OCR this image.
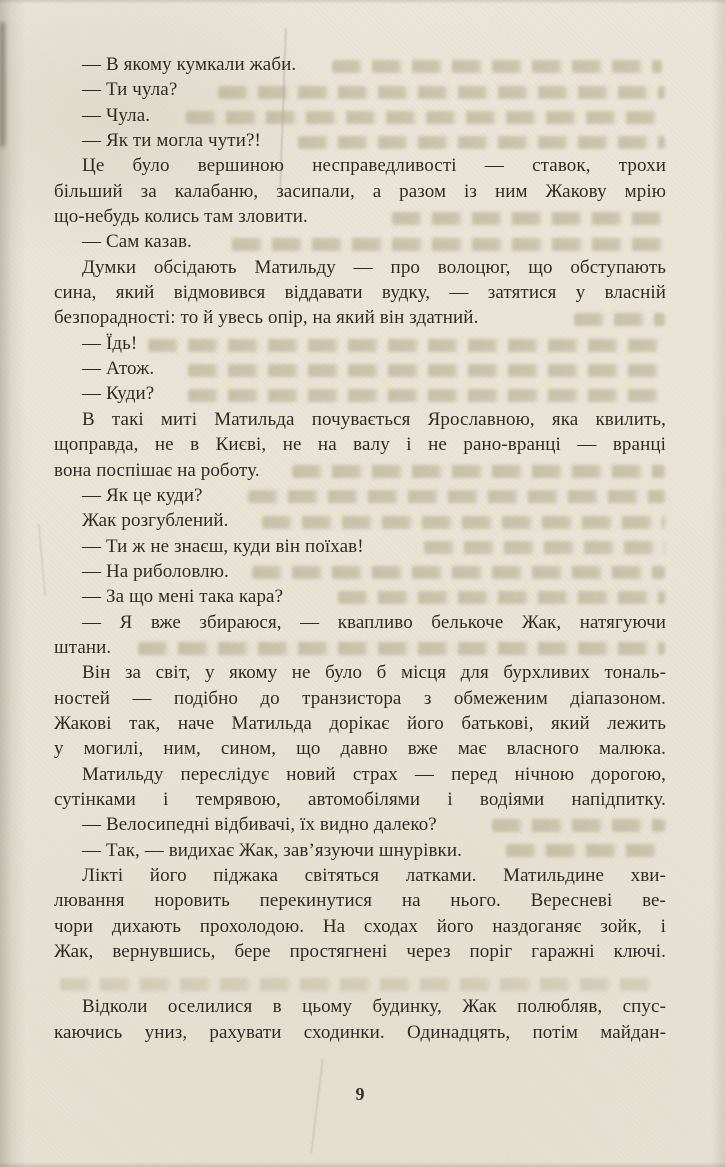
— В якому кумкали жаби.
— Ти чула?
— Чула.
— Як ти могла чути?!
Це було вершиною несправедливості — ставок, трохи
більший за калабаню, засипали, а разом із ним Жакову мрію
що-небудь колись там зловити.
— Сам казав.
Думки обсідають Матильду — про волоцюг, що обступають
сина, який відмовився віддавати вудку, — затятися у власній
безпорадності: то й увесь опір, на який він здатний.
— Їдь!
— Атож.
— Куди?
В такі миті Матильда почувається Ярославною, яка квилить,
щоправда, не в Києві, не на валу і не рано-вранці — вранці
вона поспішає на роботу.
— Як це куди?
Жак розгублений.
— Ти ж не знаєш, куди він поїхав!
— На риболовлю.
— За що мені така кара?
— Я вже збираюся, — квапливо белькоче Жак, натягуючи
штани.
Він за світ, у якому не було б місця для бурхливих тональ-
ностей — подібно до транзистора з обмеженим діапазоном.
Жакові так, наче Матильда дорікає його батькові, який лежить
у могилі, ним, сином, що давно вже має власного малюка.
Матильду переслідує новий страх — перед нічною дорогою,
сутінками і темрявою, автомобілями і водіями напідпитку.
— Велосипедні відбивачі, їх видно далеко?
— Так, — видихає Жак, зав’язуючи шнурівки.
Лікті його піджака світяться латками. Матильдине хви-
лювання норовить перекинутися на нього. Вересневі ве-
чори дихають прохолодою. На сходах його наздоганяє зойк, і
Жак, вернувшись, бере простягнені через поріг гаражні ключі.
Відколи оселилися в цьому будинку, Жак полюбляв, спус-
каючись униз, рахувати сходинки. Одинадцять, потім майдан-
9
